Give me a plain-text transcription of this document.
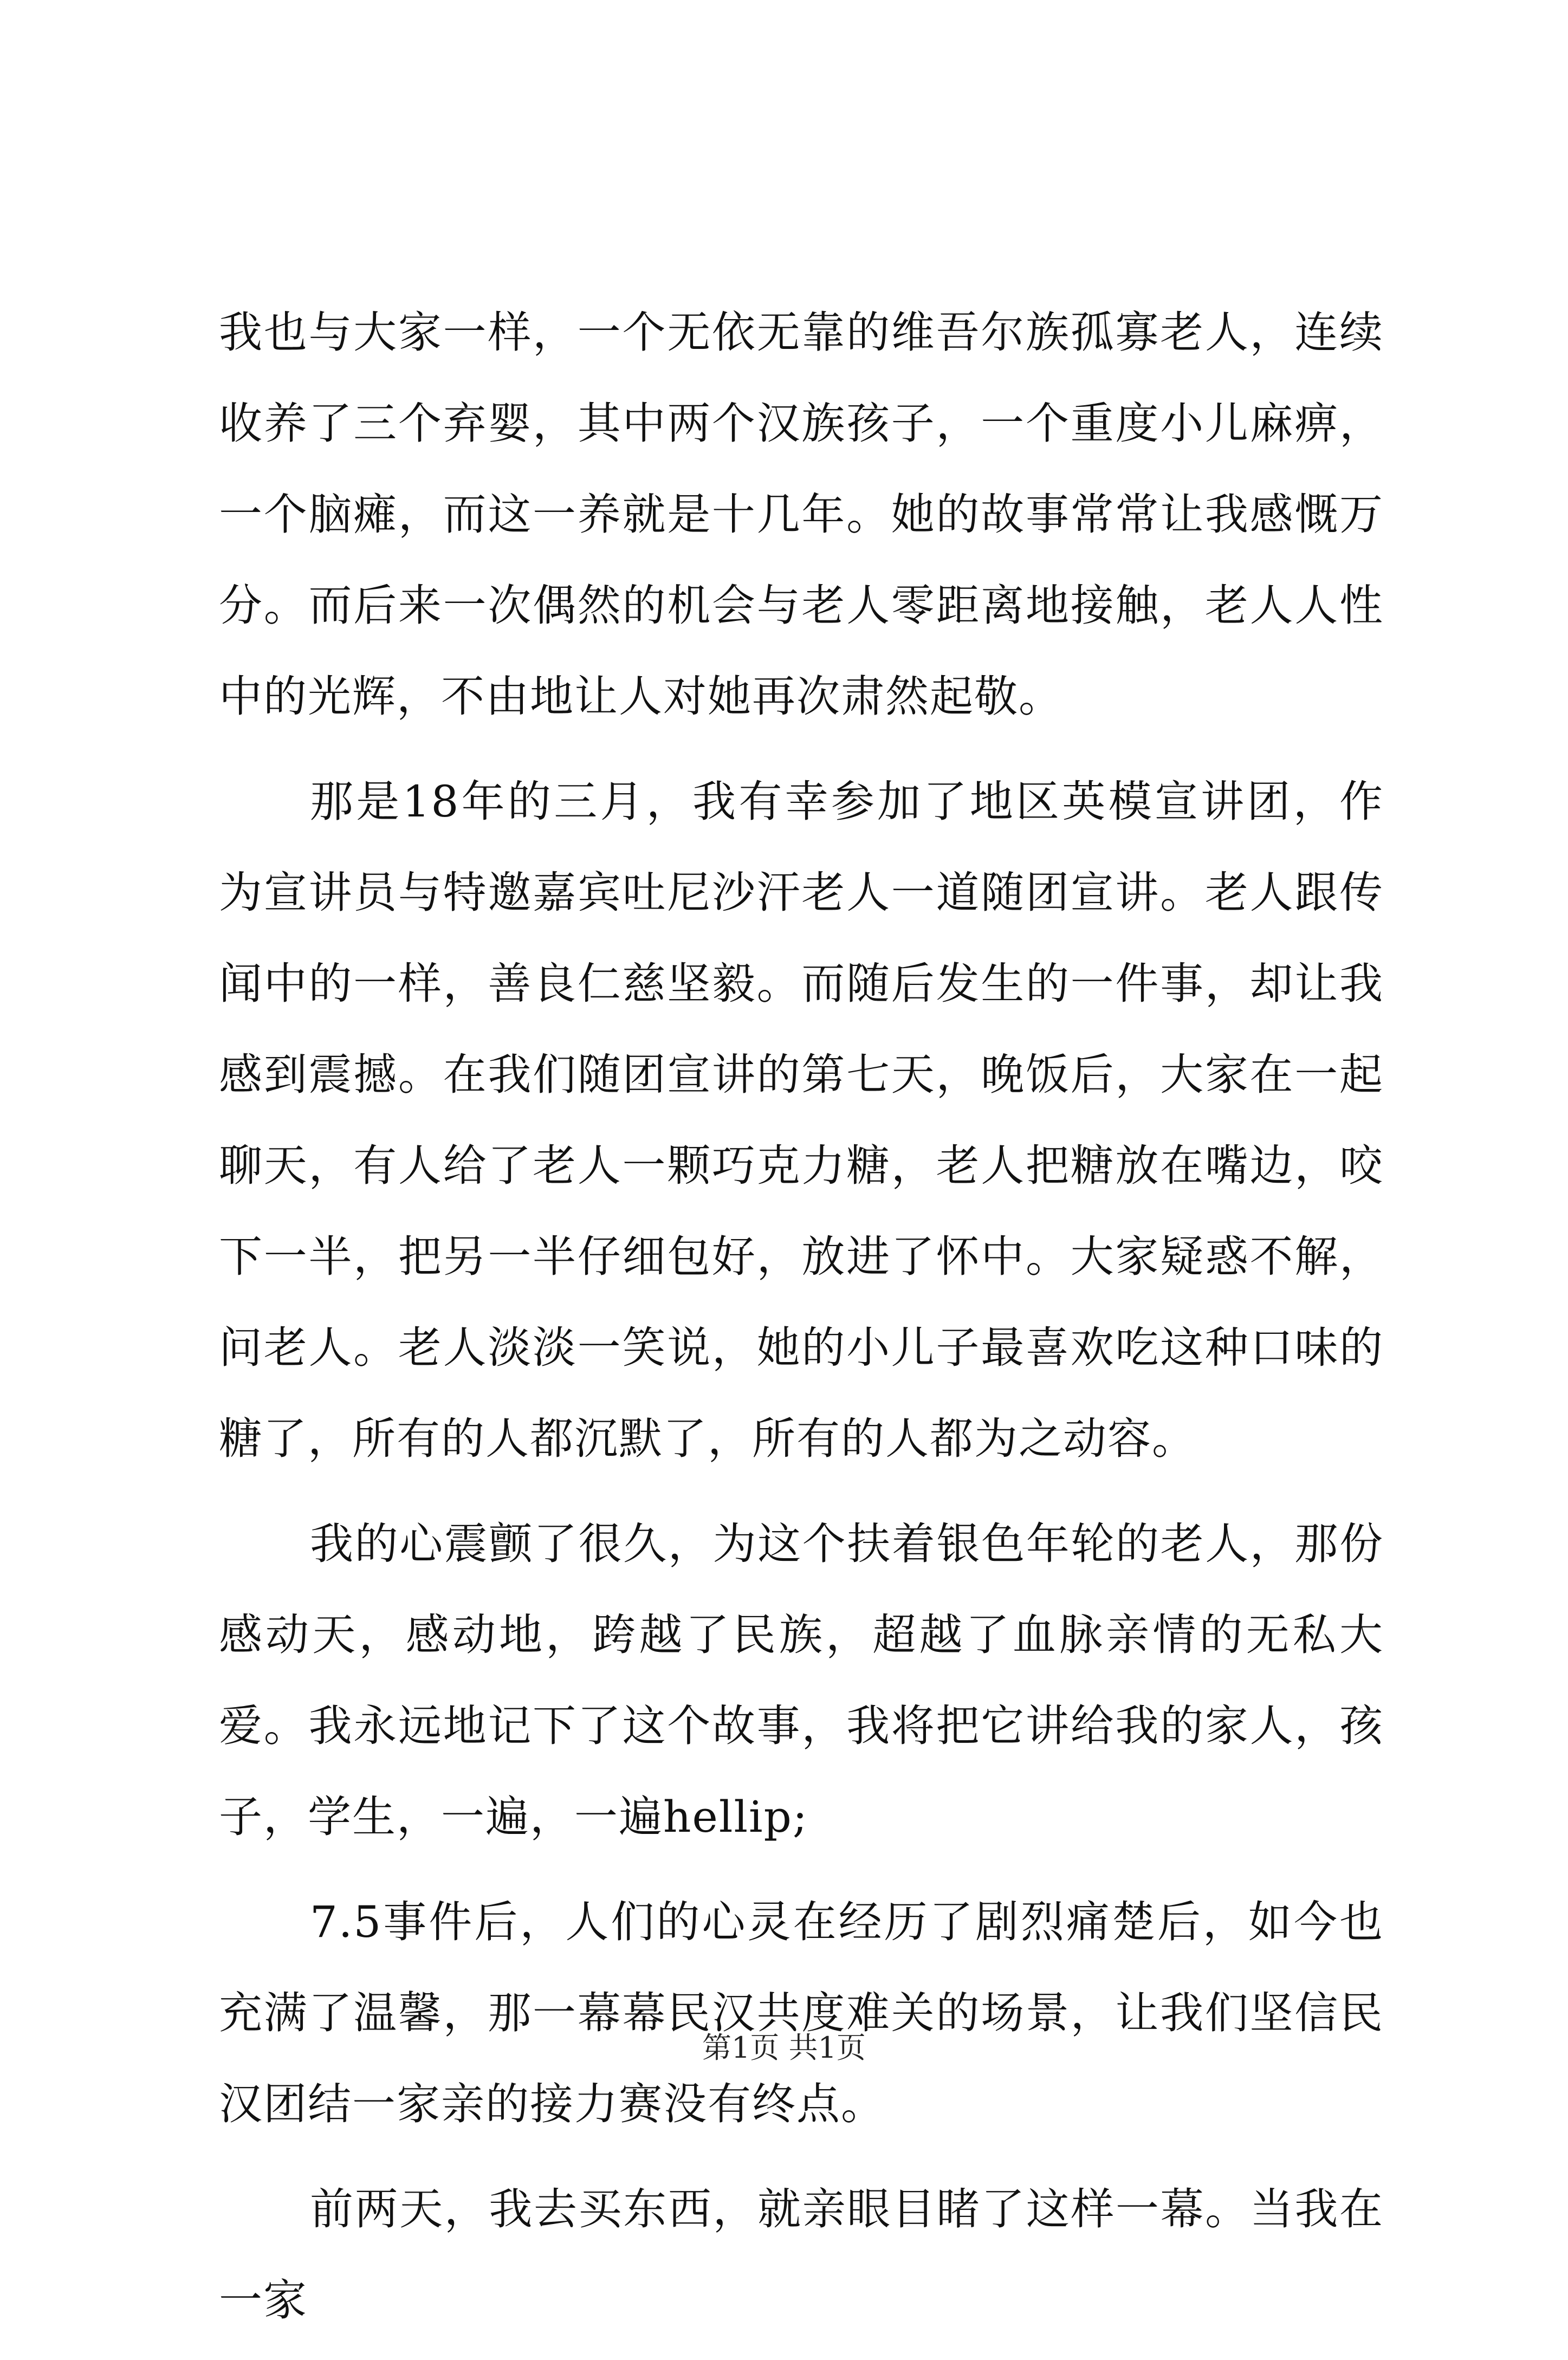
我也与大家一样，一个无依无靠的维吾尔族孤寡老人，连续收养了三个弃婴，其中两个汉族孩子，一个重度小儿麻痹，一个脑瘫，而这一养就是十几年。她的故事常常让我感慨万分。而后来一次偶然的机会与老人零距离地接触，老人人性中的光辉，不由地让人对她再次肃然起敬。

那是18年的三月，我有幸参加了地区英模宣讲团，作为宣讲员与特邀嘉宾吐尼沙汗老人一道随团宣讲。老人跟传闻中的一样，善良仁慈坚毅。而随后发生的一件事，却让我感到震撼。在我们随团宣讲的第七天，晚饭后，大家在一起聊天，有人给了老人一颗巧克力糖，老人把糖放在嘴边，咬下一半，把另一半仔细包好，放进了怀中。大家疑惑不解，问老人。老人淡淡一笑说，她的小儿子最喜欢吃这种口味的糖了，所有的人都沉默了，所有的人都为之动容。

我的心震颤了很久，为这个扶着银色年轮的老人，那份感动天，感动地，跨越了民族，超越了血脉亲情的无私大爱。我永远地记下了这个故事，我将把它讲给我的家人，孩子，学生，一遍，一遍hellip;

7.5事件后，人们的心灵在经历了剧烈痛楚后，如今也充满了温馨，那一幕幕民汉共度难关的场景，让我们坚信民汉团结一家亲的接力赛没有终点。

前两天，我去买东西，就亲眼目睹了这样一幕。当我在一家

第1页 共1页
